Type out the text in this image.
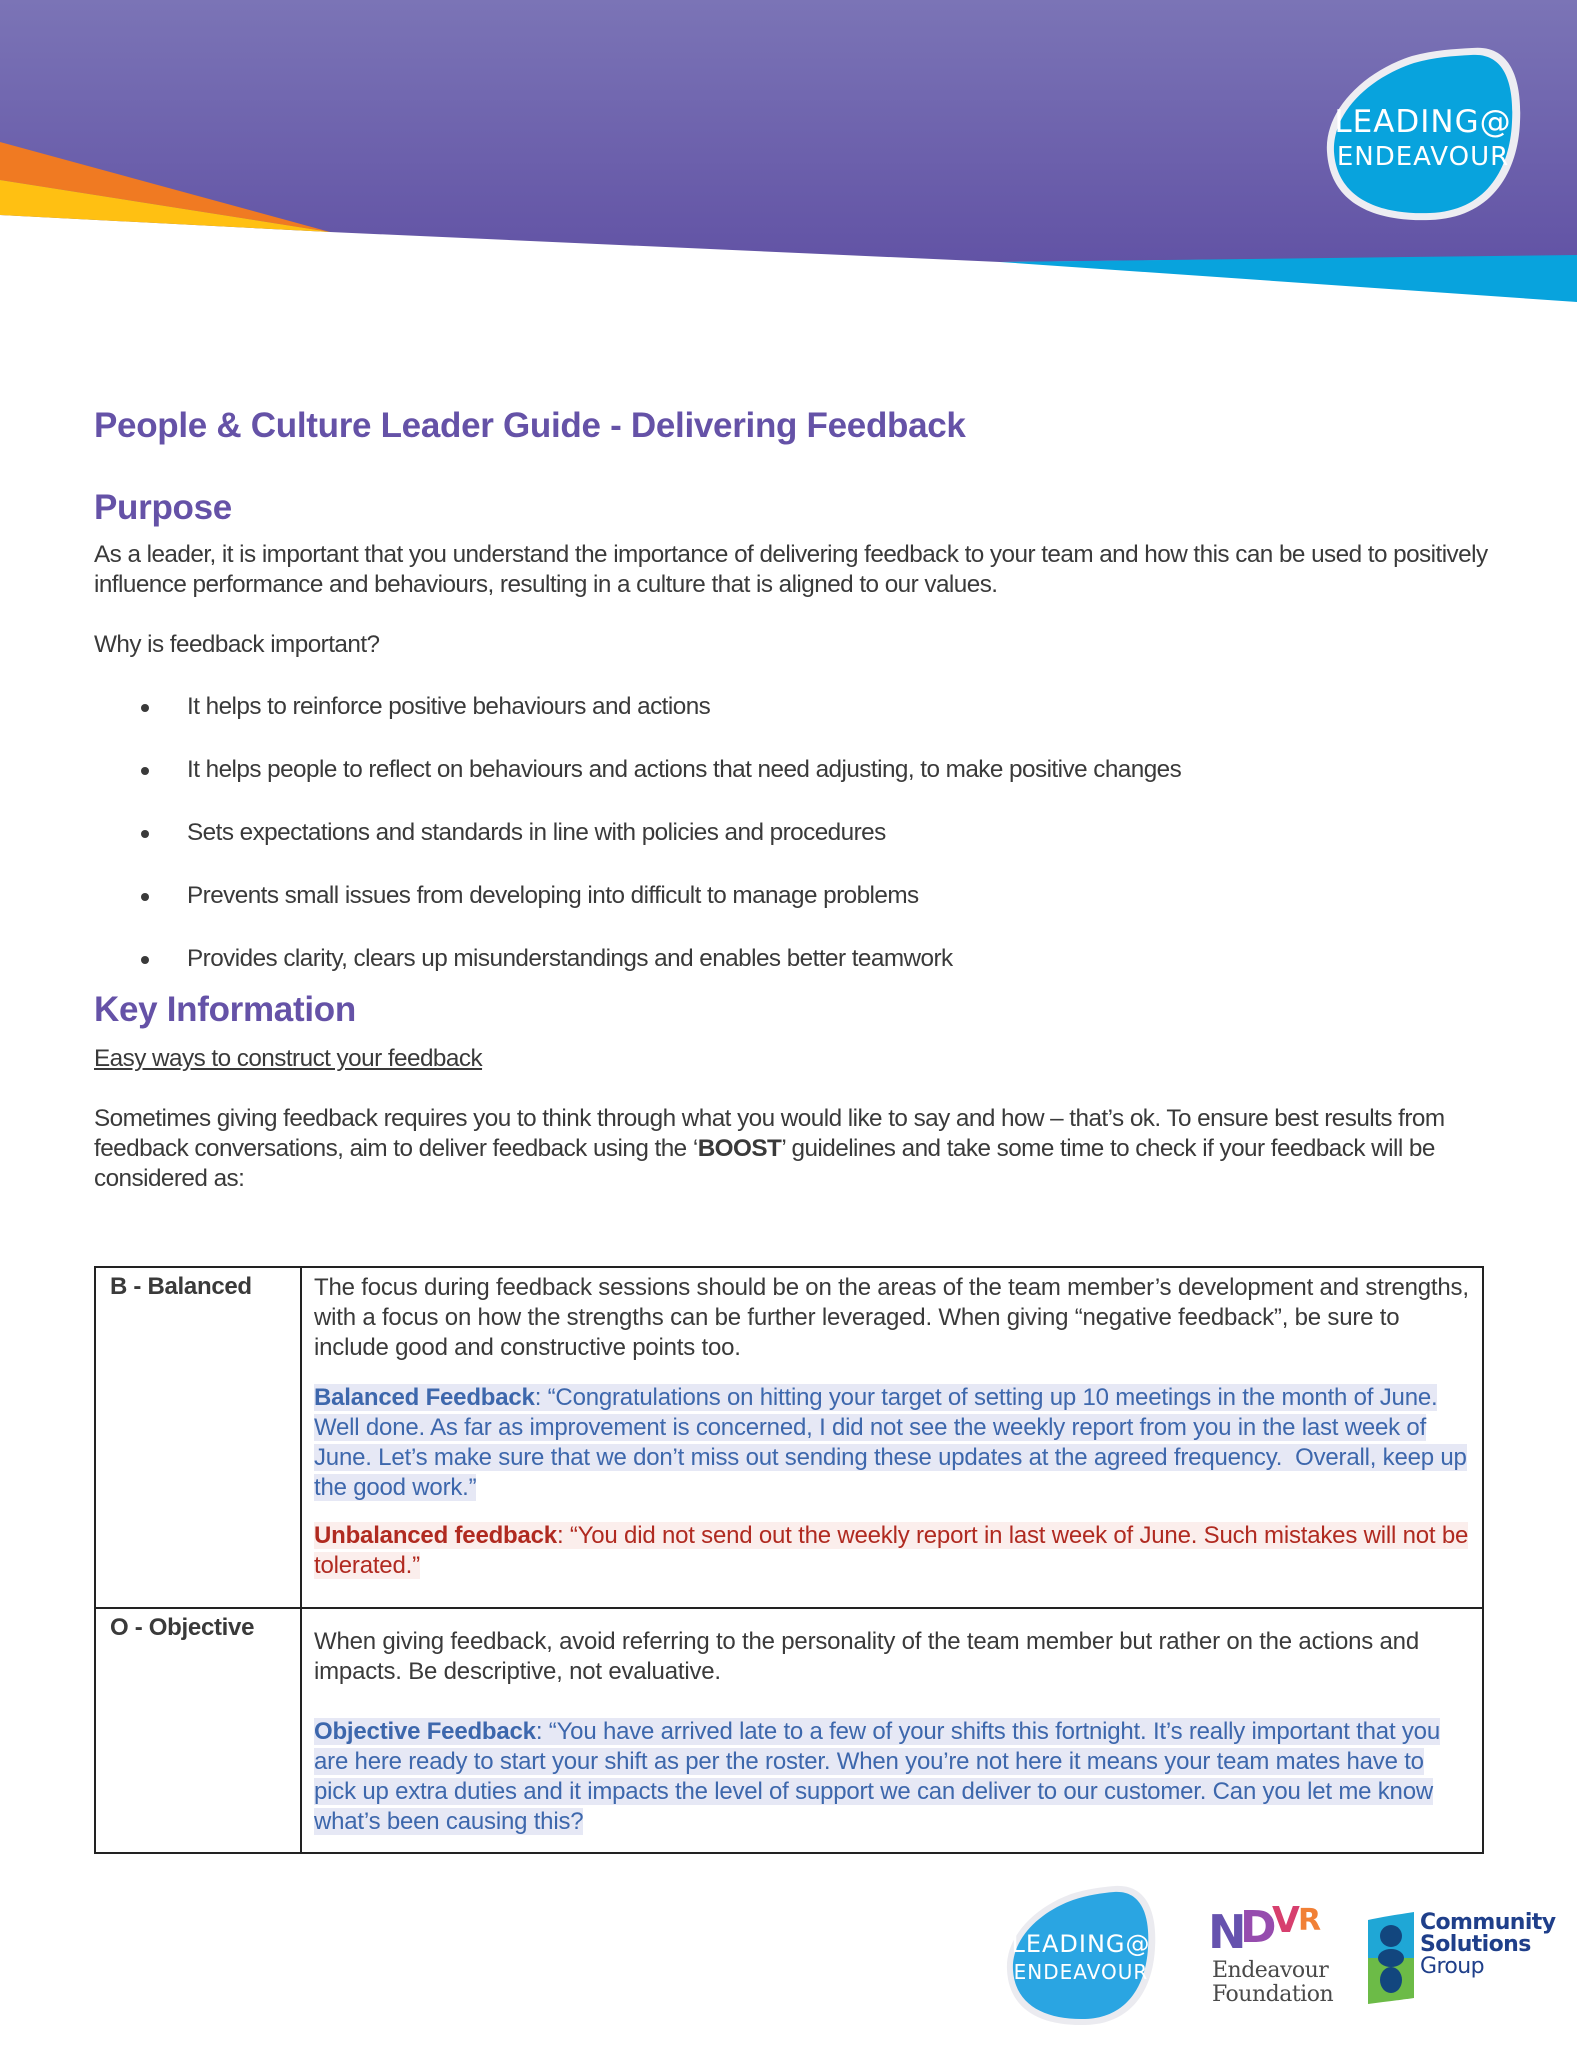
LEADING@
ENDEAVOUR
People & Culture Leader Guide - Delivering Feedback
Purpose

As a leader, it is important that you understand the importance of delivering feedback to your team and how this can be used to positively influence performance and behaviours, resulting in a culture that is aligned to our values.

Why is feedback important?

It helps to reinforce positive behaviours and actions
It helps people to reflect on behaviours and actions that need adjusting, to make positive changes
Sets expectations and standards in line with policies and procedures
Prevents small issues from developing into difficult to manage problems
Provides clarity, clears up misunderstandings and enables better teamwork
Key Information

Easy ways to construct your feedback

Sometimes giving feedback requires you to think through what you would like to say and how – that’s ok. To ensure best results from feedback conversations, aim to deliver feedback using the ‘BOOST’ guidelines and take some time to check if your feedback will be considered as:

B - Balanced	The focus during feedback sessions should be on the areas of the team member’s development and strengths, with a focus on how the strengths can be further leveraged. When giving “negative feedback”, be sure to include good and constructive points too.
Balanced Feedback: “Congratulations on hitting your target of setting up 10 meetings in the month of June. Well done. As far as improvement is concerned, I did not see the weekly report from you in the last week of June. Let’s make sure that we don’t miss out sending these updates at the agreed frequency.  Overall, keep up the good work.”
Unbalanced feedback: “You did not send out the weekly report in last week of June. Such mistakes will not be tolerated.”

O - Objective	When giving feedback, avoid referring to the personality of the team member but rather on the actions and impacts. Be descriptive, not evaluative.
Objective Feedback: “You have arrived late to a few of your shifts this fortnight. It’s really important that you are here ready to start your shift as per the roster. When you’re not here it means your team mates have to pick up extra duties and it impacts the level of support we can deliver to our customer. Can you let me know what’s been causing this?
LEADING@
ENDEAVOUR
N
D V
R
Endeavour
Foundation
Community
Solutions
Group
